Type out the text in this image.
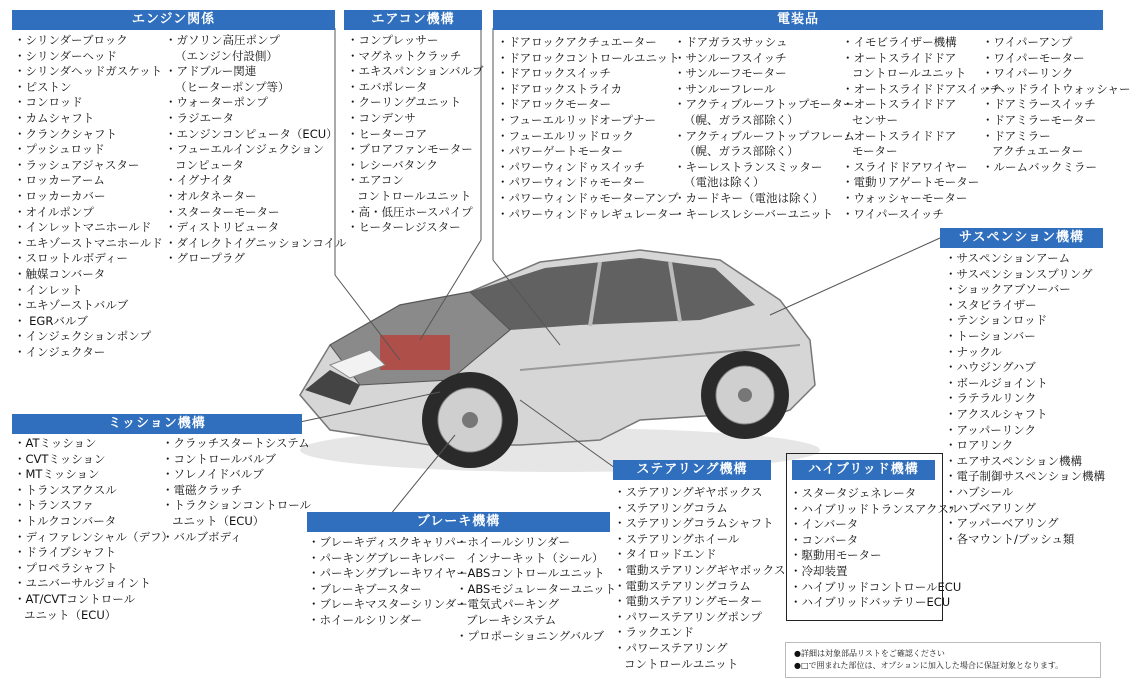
エンジン関係
・シリンダーブロック
・シリンダーヘッド
・シリンダヘッドガスケット
・ピストン
・コンロッド
・カムシャフト
・クランクシャフト
・プッシュロッド
・ラッシュアジャスター
・ロッカーアーム
・ロッカーカバー
・オイルポンプ
・インレットマニホールド
・エキゾーストマニホールド
・スロットルボディー
・触媒コンバータ
・インレット
・エキゾーストバルブ
・ EGRバルブ
・インジェクションポンプ
・インジェクター
・ガソリン高圧ポンプ
（エンジン付設側）
・アドブルー関連
（ヒーターポンプ等）
・ウォーターポンプ
・ラジエータ
・エンジンコンピュータ（ECU）
・フューエルインジェクション
コンピュータ
・イグナイタ
・オルタネーター
・スターターモーター
・ディストリビュータ
・ダイレクトイグニッションコイル
・グロープラグ
エアコン機構
・コンプレッサー
・マグネットクラッチ
・エキスパンションバルブ
・エバポレータ
・クーリングユニット
・コンデンサ
・ヒーターコア
・ブロアファンモーター
・レシーバタンク
・エアコン
コントロールユニット
・高・低圧ホースパイプ
・ヒーターレジスター
電装品
・ドアロックアクチュエーター
・ドアロックコントロールユニット
・ドアロックスイッチ
・ドアロックストライカ
・ドアロックモーター
・フューエルリッドオープナー
・フューエルリッドロック
・パワーゲートモーター
・パワーウィンドゥスイッチ
・パワーウィンドゥモーター
・パワーウィンドゥモーターアンプ
・パワーウィンドゥレギュレーター
・ドアガラスサッシュ
・サンルーフスイッチ
・サンルーフモーター
・サンルーフレール
・アクティブルーフトップモーター
（幌、ガラス部除く）
・アクティブルーフトップフレーム
（幌、ガラス部除く）
・キーレストランスミッター
（電池は除く）
・カードキー（電池は除く）
・キーレスレシーバーユニット
・イモビライザー機構
・オートスライドドア
コントロールユニット
・オートスライドドアスイッチ
・オートスライドドア
センサー
・オートスライドドア
モーター
・スライドドアワイヤー
・電動リアゲートモーター
・ウォッシャーモーター
・ワイパースイッチ
・ワイパーアンプ
・ワイパーモーター
・ワイパーリンク
・ヘッドライトウォッシャー
・ドアミラースイッチ
・ドアミラーモーター
・ドアミラー
アクチュエーター
・ルームバックミラー
サスペンション機構
・サスペンションアーム
・サスペンションスプリング
・ショックアブソーバー
・スタビライザー
・テンションロッド
・トーションバー
・ナックル
・ハウジングハブ
・ボールジョイント
・ラテラルリンク
・アクスルシャフト
・アッパーリンク
・ロアリンク
・エアサスペンション機構
・電子制御サスペンション機構
・ハブシール
・ハブベアリング
・アッパーベアリング
・各マウント/ブッシュ類
ミッション機構
・ATミッション
・CVTミッション
・MTミッション
・トランスアクスル
・トランスファ
・トルクコンバータ
・ディファレンシャル（デフ）
・ドライブシャフト
・プロペラシャフト
・ユニバーサルジョイント
・AT/CVTコントロール
ユニット（ECU）
・クラッチスタートシステム
・コントロールバルブ
・ソレノイドバルブ
・電磁クラッチ
・トラクションコントロール
ユニット（ECU）
・バルブボディ
ブレーキ機構
・ブレーキディスクキャリパー
・パーキングブレーキレバー
・パーキングブレーキワイヤー
・ブレーキブースター
・ブレーキマスターシリンダー
・ホイールシリンダー
・ホイールシリンダー
インナーキット（シール）
・ABSコントロールユニット
・ABSモジュレーターユニット
・電気式パーキング
ブレーキシステム
・プロポーショニングバルブ
ステアリング機構
・ステアリングギヤボックス
・ステアリングコラム
・ステアリングコラムシャフト
・ステアリングホイール
・タイロッドエンド
・電動ステアリングギヤボックス
・電動ステアリングコラム
・電動ステアリングモーター
・パワーステアリングポンプ
・ラックエンド
・パワーステアリング
コントロールユニット
ハイブリッド機構
・スタータジェネレータ
・ハイブリッドトランスアクスル
・インバータ
・コンバータ
・駆動用モーター
・冷却装置
・ハイブリッドコントロールECU
・ハイブリッドバッテリーECU
●詳細は対象部品リストをご確認ください
●□で囲まれた部位は、オプションに加入した場合に保証対象となります。
